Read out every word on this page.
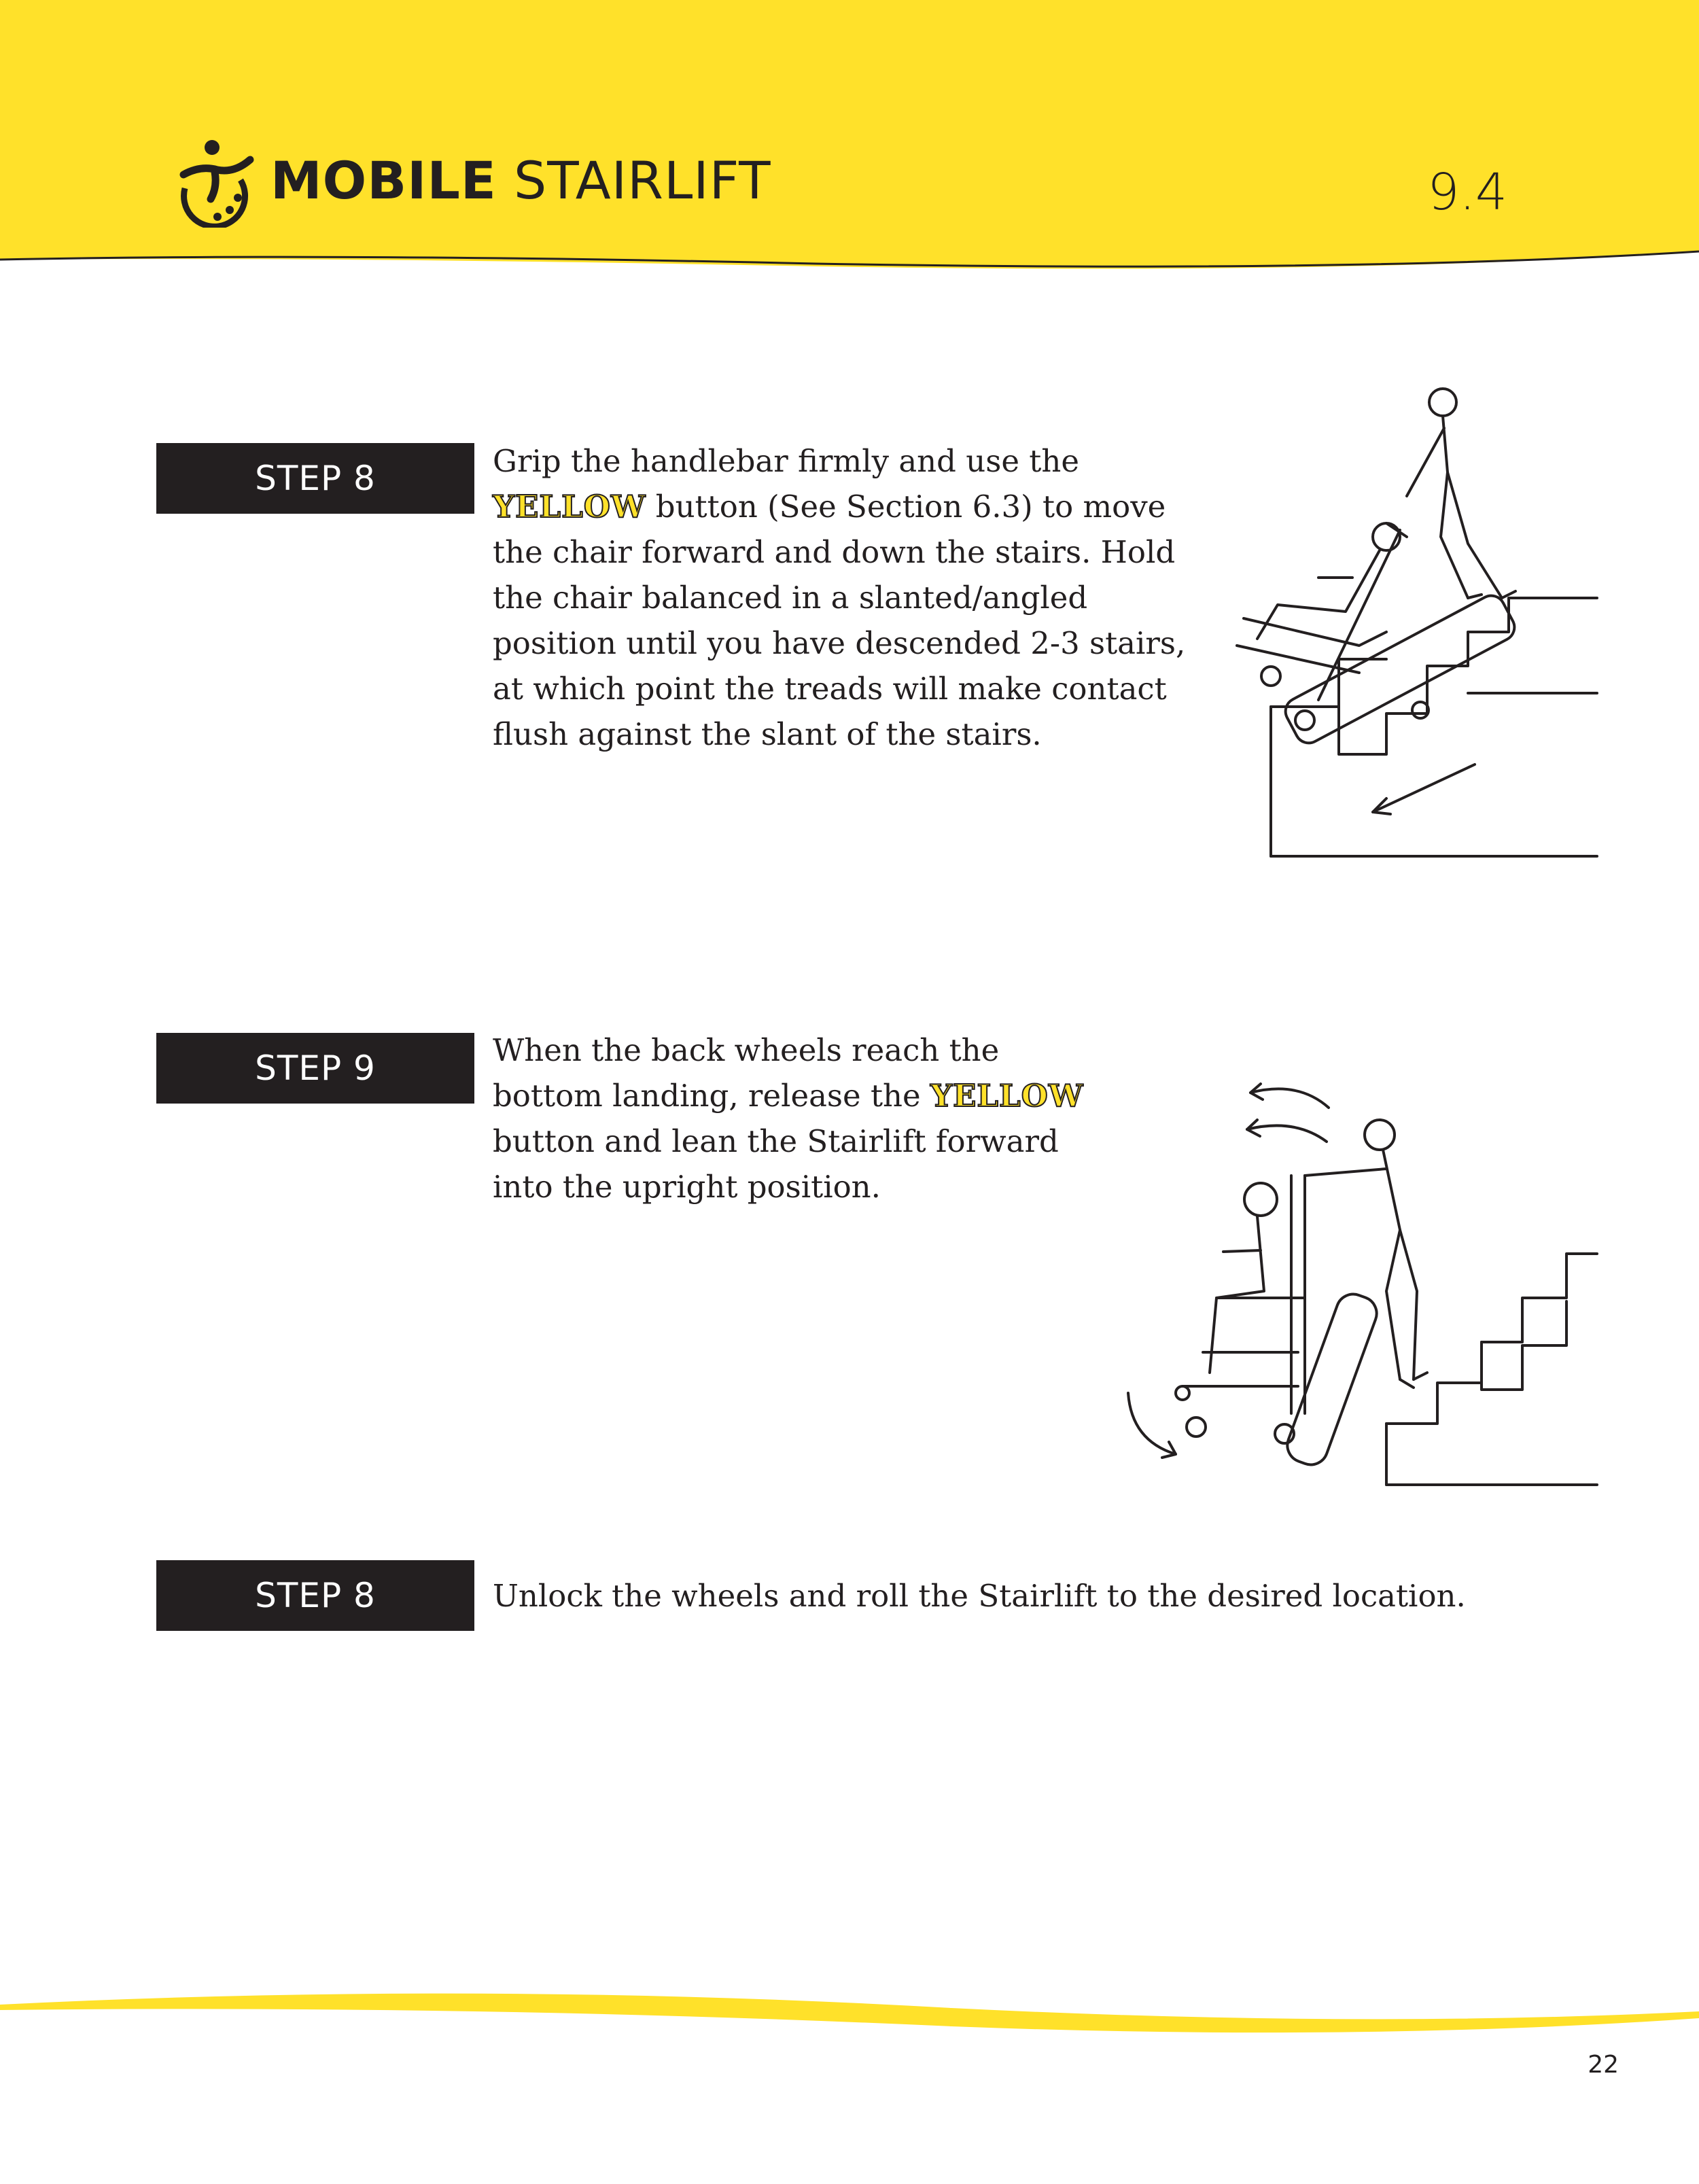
MOBILE STAIRLIFT	9.4
STEP 8	Grip the handlebar firmly and use the YELLOW button (See Section 6.3) to move the chair forward and down the stairs. Hold the chair balanced in a slanted/angled position until you have descended 2-3 stairs, at which point the treads will make contact flush against the slant of the stairs.
STEP 9	When the back wheels reach the bottom landing, release the YELLOW button and lean the Stairlift forward into the upright position.
STEP 8	Unlock the wheels and roll the Stairlift to the desired location.
22
